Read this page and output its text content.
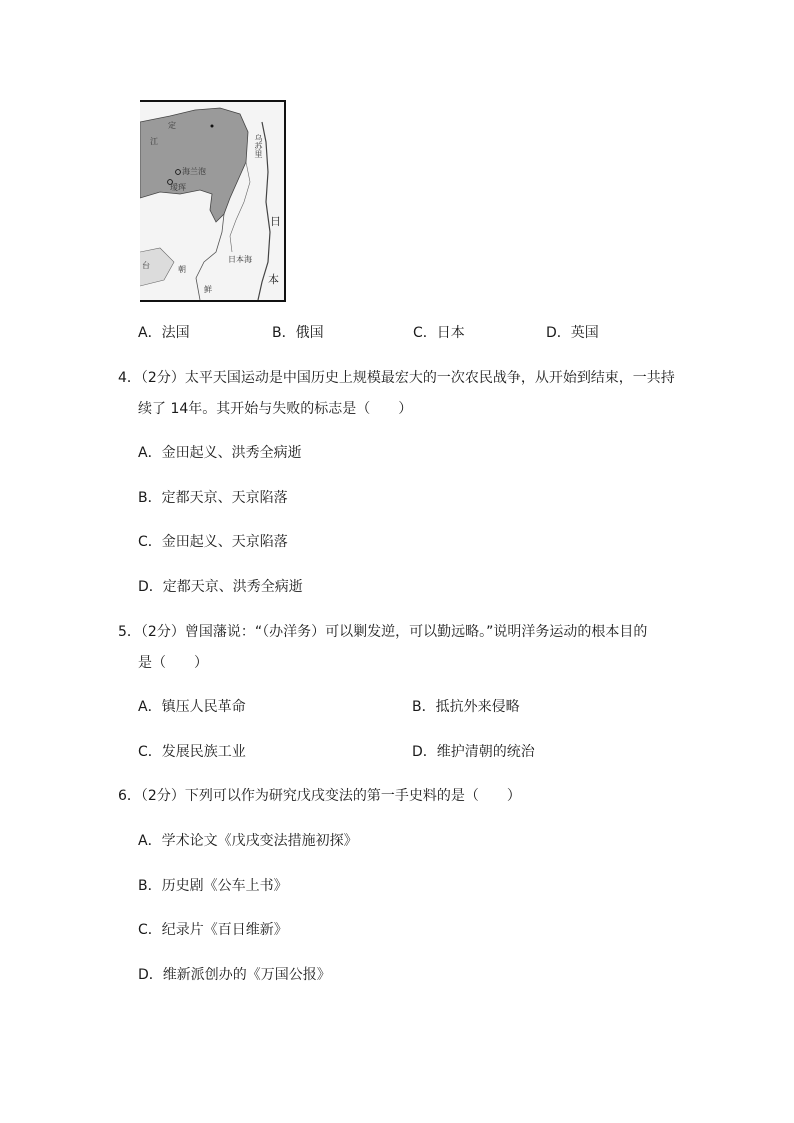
定
海兰泡
瑷珲
江	乌苏里
日
日本海
本
朝
鲜
台
A．法国	B．俄国	C．日本	D．英国
4．（2分）太平天国运动是中国历史上规模最宏大的一次农民战争，从开始到结束，一共持
续了 14年。其开始与失败的标志是（　　）
A．金田起义、洪秀全病逝
B．定都天京、天京陷落
C．金田起义、天京陷落
D．定都天京、洪秀全病逝
5．（2分）曾国藩说：“（办洋务）可以剿发逆，可以勤远略。”说明洋务运动的根本目的
是（　　）
A．镇压人民革命	B．抵抗外来侵略
C．发展民族工业	D．维护清朝的统治
6．（2分）下列可以作为研究戊戌变法的第一手史料的是（　　）
A．学术论文《戊戌变法措施初探》
B．历史剧《公车上书》
C．纪录片《百日维新》
D．维新派创办的《万国公报》
